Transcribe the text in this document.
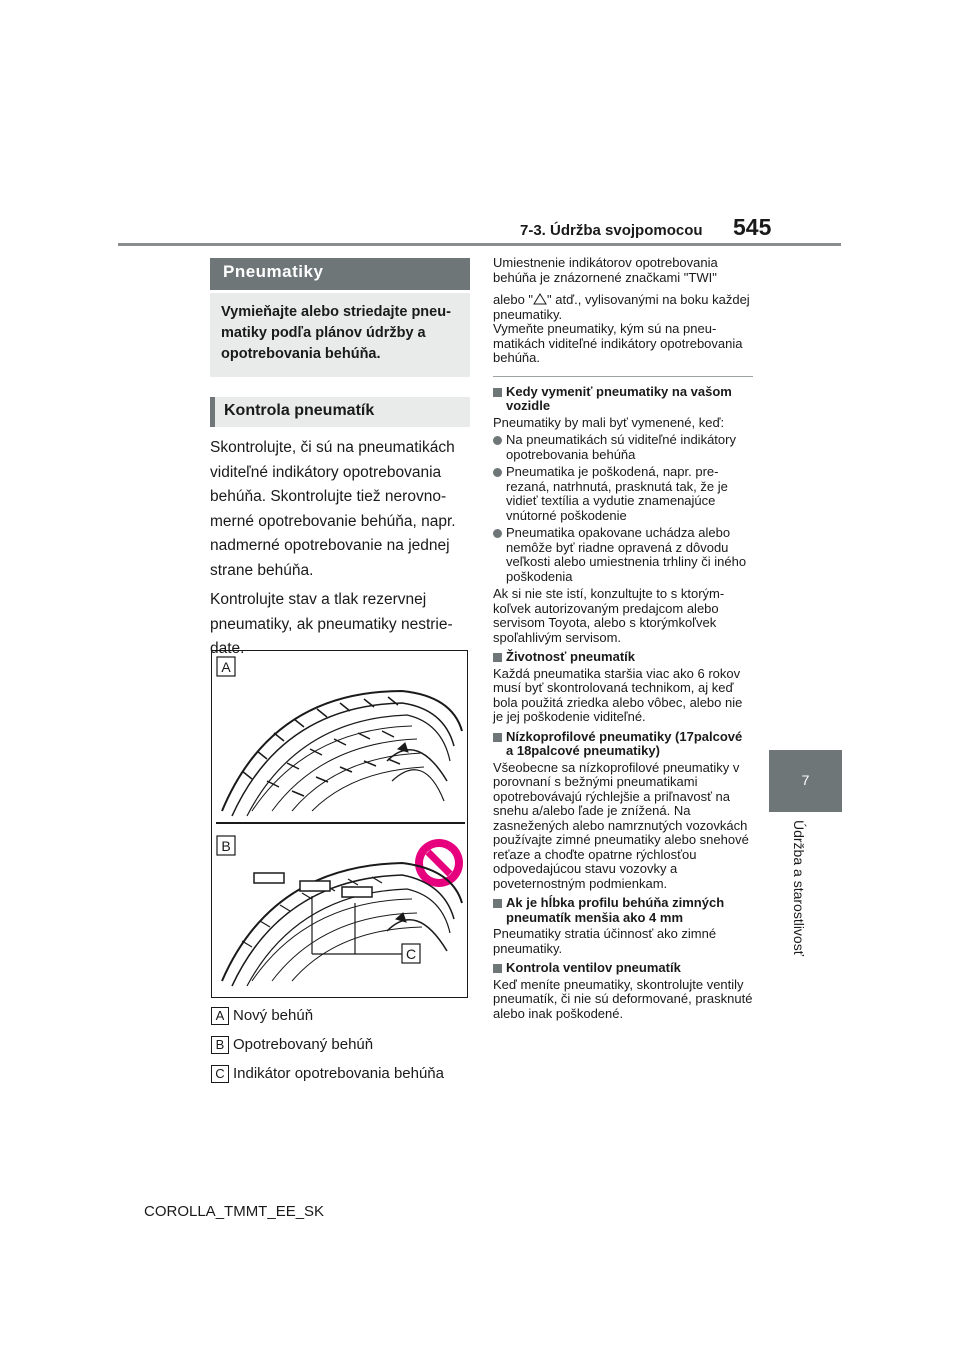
7-3. Údržba svojpomocou 545
7
Údržba a starostlivosť
Pneumatiky
Vymieňajte alebo striedajte pneumatiky podľa plánov údržby a opotrebovania behúňa.
Kontrola pneumatík

Skontrolujte, či sú na pneumatikách viditeľné indikátory opotrebovania behúňa. Skontrolujte tiež nerovnomerné opotrebovanie behúňa, napr. nadmerné opotrebovanie na jednej strane behúňa.

Kontrolujte stav a tlak rezervnej pneumatiky, ak pneumatiky nestriedate.

A
B
C
A Nový behúň
B Opotrebovaný behúň
C Indikátor opotrebovania behúňa

Umiestnenie indikátorov opotrebovania behúňa je znázornené značkami "TWI"

alebo " " atď., vylisovanými na boku každej pneumatiky.
Vymeňte pneumatiky, kým sú na pneumatikách viditeľné indikátory opotrebovania behúňa.

Kedy vymeniť pneumatiky na vašom vozidle

Pneumatiky by mali byť vymenené, keď:

Na pneumatikách sú viditeľné indikátory opotrebovania behúňa
Pneumatika je poškodená, napr. prerezaná, natrhnutá, prasknutá tak, že je vidieť textília a vydutie znamenajúce vnútorné poškodenie
Pneumatika opakovane uchádza alebo nemôže byť riadne opravená z dôvodu veľkosti alebo umiestnenia trhliny či iného poškodenia

Ak si nie ste istí, konzultujte to s ktorýmkoľvek autorizovaným predajcom alebo servisom Toyota, alebo s ktorýmkoľvek spoľahlivým servisom.

Životnosť pneumatík

Každá pneumatika staršia viac ako 6 rokov musí byť skontrolovaná technikom, aj keď bola použitá zriedka alebo vôbec, alebo nie je jej poškodenie viditeľné.

Nízkoprofilové pneumatiky (17palcové a 18palcové pneumatiky)

Všeobecne sa nízkoprofilové pneumatiky v porovnaní s bežnými pneumatikami opotrebovávajú rýchlejšie a priľnavosť na snehu a/alebo ľade je znížená. Na zasnežených alebo namrznutých vozovkách používajte zimné pneumatiky alebo snehové reťaze a choďte opatrne rýchlosťou odpovedajúcou stavu vozovky a poveternostným podmienkam.

Ak je hĺbka profilu behúňa zimných pneumatík menšia ako 4 mm

Pneumatiky stratia účinnosť ako zimné pneumatiky.

Kontrola ventilov pneumatík

Keď meníte pneumatiky, skontrolujte ventily pneumatík, či nie sú deformované, prasknuté alebo inak poškodené.

COROLLA_TMMT_EE_SK
